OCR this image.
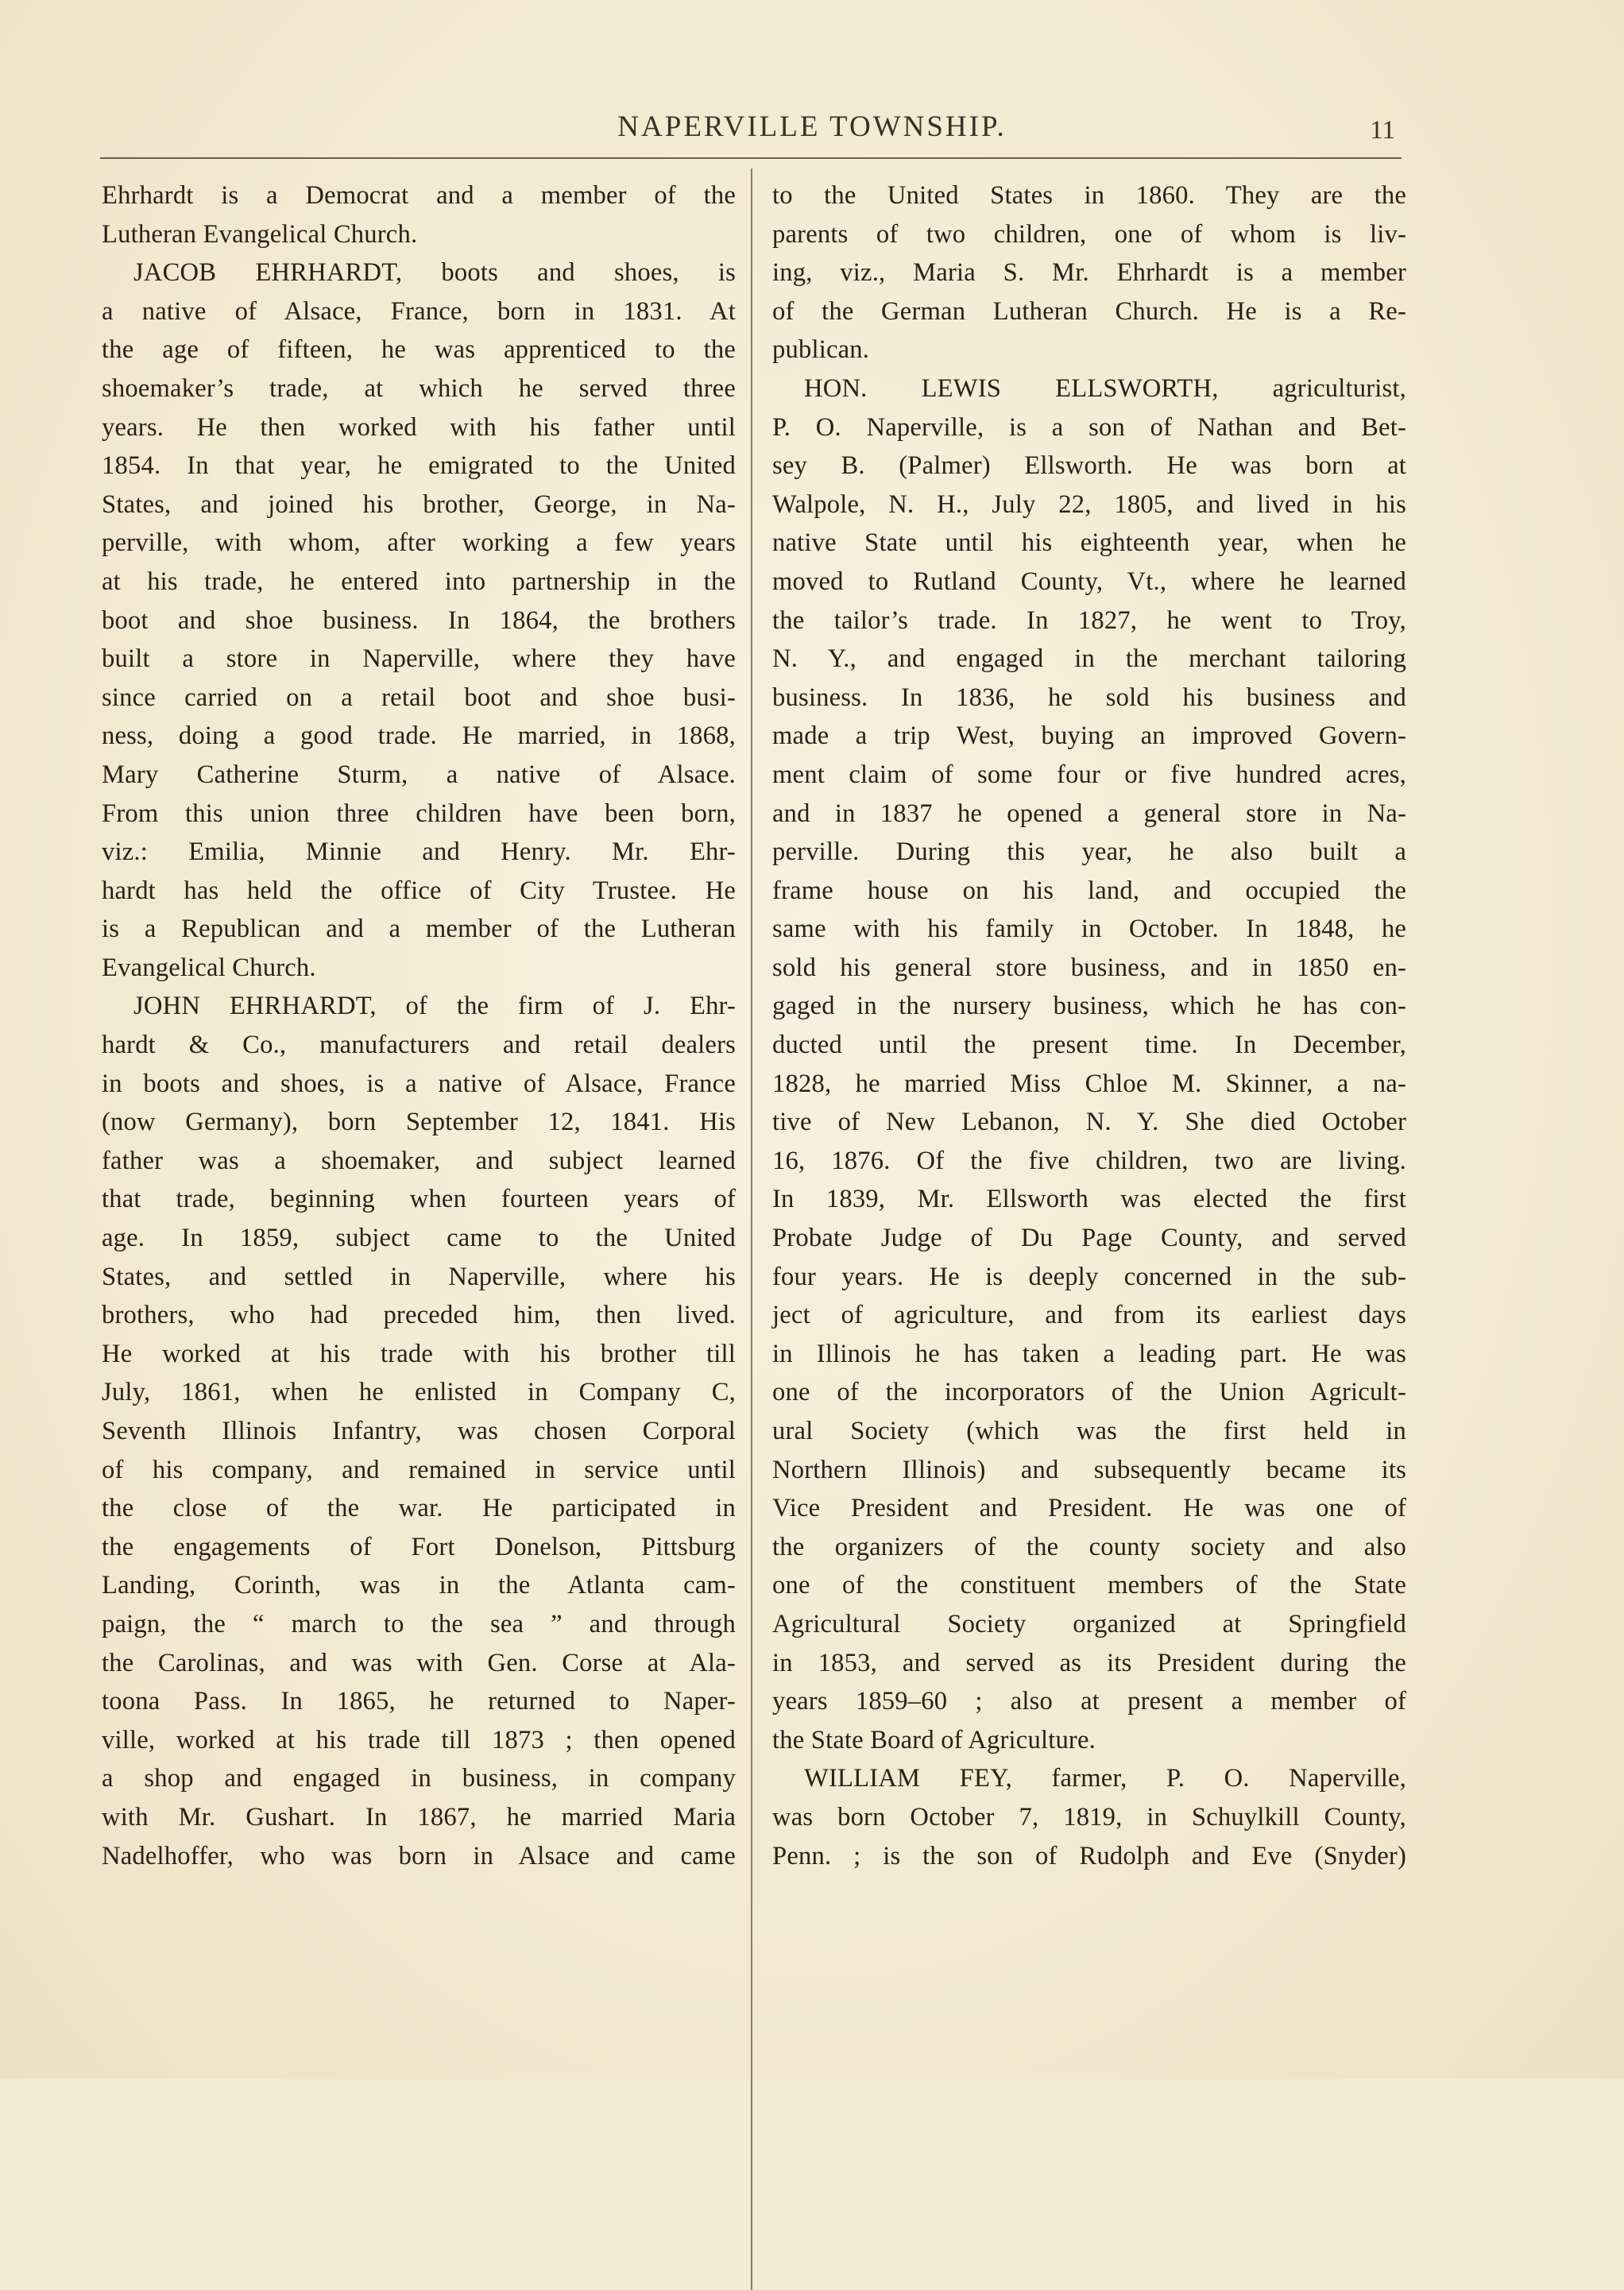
NAPERVILLE TOWNSHIP.	11
Ehrhardt is a Democrat and a member of the
Lutheran Evangelical Church.
JACOB EHRHARDT, boots and shoes, is
a native of Alsace, France, born in 1831. At
the age of fifteen, he was apprenticed to the
shoemaker’s trade, at which he served three
years. He then worked with his father until
1854. In that year, he emigrated to the United
States, and joined his brother, George, in Na-
perville, with whom, after working a few years
at his trade, he entered into partnership in the
boot and shoe business. In 1864, the brothers
built a store in Naperville, where they have
since carried on a retail boot and shoe busi-
ness, doing a good trade. He married, in 1868,
Mary Catherine Sturm, a native of Alsace.
From this union three children have been born,
viz.: Emilia, Minnie and Henry. Mr. Ehr-
hardt has held the office of City Trustee. He
is a Republican and a member of the Lutheran
Evangelical Church.
JOHN EHRHARDT, of the firm of J. Ehr-
hardt & Co., manufacturers and retail dealers
in boots and shoes, is a native of Alsace, France
(now Germany), born September 12, 1841. His
father was a shoemaker, and subject learned
that trade, beginning when fourteen years of
age. In 1859, subject came to the United
States, and settled in Naperville, where his
brothers, who had preceded him, then lived.
He worked at his trade with his brother till
July, 1861, when he enlisted in Company C,
Seventh Illinois Infantry, was chosen Corporal
of his company, and remained in service until
the close of the war. He participated in
the engagements of Fort Donelson, Pittsburg
Landing, Corinth, was in the Atlanta cam-
paign, the “ march to the sea ” and through
the Carolinas, and was with Gen. Corse at Ala-
toona Pass. In 1865, he returned to Naper-
ville, worked at his trade till 1873 ; then opened
a shop and engaged in business, in company
with Mr. Gushart. In 1867, he married Maria
Nadelhoffer, who was born in Alsace and came
to the United States in 1860. They are the
parents of two children, one of whom is liv-
ing, viz., Maria S. Mr. Ehrhardt is a member
of the German Lutheran Church. He is a Re-
publican.
HON. LEWIS ELLSWORTH, agriculturist,
P. O. Naperville, is a son of Nathan and Bet-
sey B. (Palmer) Ellsworth. He was born at
Walpole, N. H., July 22, 1805, and lived in his
native State until his eighteenth year, when he
moved to Rutland County, Vt., where he learned
the tailor’s trade. In 1827, he went to Troy,
N. Y., and engaged in the merchant tailoring
business. In 1836, he sold his business and
made a trip West, buying an improved Govern-
ment claim of some four or five hundred acres,
and in 1837 he opened a general store in Na-
perville. During this year, he also built a
frame house on his land, and occupied the
same with his family in October. In 1848, he
sold his general store business, and in 1850 en-
gaged in the nursery business, which he has con-
ducted until the present time. In December,
1828, he married Miss Chloe M. Skinner, a na-
tive of New Lebanon, N. Y. She died October
16, 1876. Of the five children, two are living.
In 1839, Mr. Ellsworth was elected the first
Probate Judge of Du Page County, and served
four years. He is deeply concerned in the sub-
ject of agriculture, and from its earliest days
in Illinois he has taken a leading part. He was
one of the incorporators of the Union Agricult-
ural Society (which was the first held in
Northern Illinois) and subsequently became its
Vice President and President. He was one of
the organizers of the county society and also
one of the constituent members of the State
Agricultural Society organized at Springfield
in 1853, and served as its President during the
years 1859–60 ; also at present a member of
the State Board of Agriculture.
WILLIAM FEY, farmer, P. O. Naperville,
was born October 7, 1819, in Schuylkill County,
Penn. ; is the son of Rudolph and Eve (Snyder)
